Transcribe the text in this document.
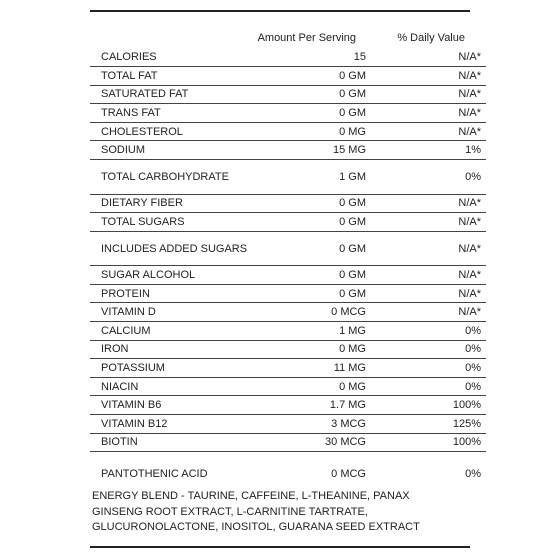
Amount Per Serving	% Daily Value
CALORIES	15	N/A*
TOTAL FAT	0 GM	N/A*
SATURATED FAT	0 GM	N/A*
TRANS FAT	0 GM	N/A*
CHOLESTEROL	0 MG	N/A*
SODIUM	15 MG	1%
TOTAL CARBOHYDRATE	1 GM	0%
DIETARY FIBER	0 GM	N/A*
TOTAL SUGARS	0 GM	N/A*
INCLUDES ADDED SUGARS	0 GM	N/A*
SUGAR ALCOHOL	0 GM	N/A*
PROTEIN	0 GM	N/A*
VITAMIN D	0 MCG	N/A*
CALCIUM	1 MG	0%
IRON	0 MG	0%
POTASSIUM	11 MG	0%
NIACIN	0 MG	0%
VITAMIN B6	1.7 MG	100%
VITAMIN B12	3 MCG	125%
BIOTIN	30 MCG	100%
PANTOTHENIC ACID	0 MCG	0%
ENERGY BLEND - TAURINE, CAFFEINE, L-THEANINE, PANAX GINSENG ROOT EXTRACT, L-CARNITINE TARTRATE, GLUCURONOLACTONE, INOSITOL, GUARANA SEED EXTRACT
